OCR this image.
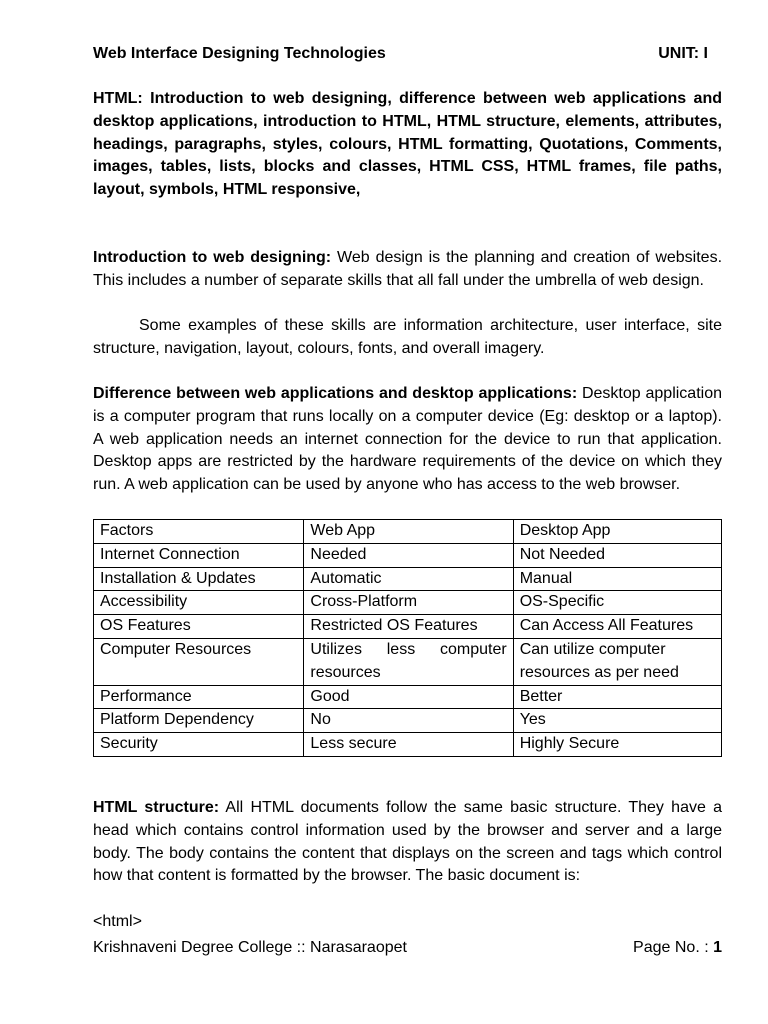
Web Interface Designing Technologies	UNIT: I
HTML: Introduction to web designing, difference between web applications and desktop applications, introduction to HTML, HTML structure, elements, attributes, headings, paragraphs, styles, colours, HTML formatting, Quotations, Comments, images, tables, lists, blocks and classes, HTML CSS, HTML frames, file paths, layout, symbols, HTML responsive,
Introduction to web designing: Web design is the planning and creation of websites. This includes a number of separate skills that all fall under the umbrella of web design.
Some examples of these skills are information architecture, user interface, site structure, navigation, layout, colours, fonts, and overall imagery.
Difference between web applications and desktop applications: Desktop application is a computer program that runs locally on a computer device (Eg: desktop or a laptop). A web application needs an internet connection for the device to run that application. Desktop apps are restricted by the hardware requirements of the device on which they run. A web application can be used by anyone who has access to the web browser.
Factors	Web App	Desktop App
Internet Connection	Needed	Not Needed
Installation & Updates	Automatic	Manual
Accessibility	Cross-Platform	OS-Specific
OS Features	Restricted OS Features	Can Access All Features
Computer Resources	Utilizes less computer resources	Can utilize computer resources as per need
Performance	Good	Better
Platform Dependency	No	Yes
Security	Less secure	Highly Secure
HTML structure: All HTML documents follow the same basic structure. They have a head which contains control information used by the browser and server and a large body. The body contains the content that displays on the screen and tags which control how that content is formatted by the browser. The basic document is:
<html>
Krishnaveni Degree College :: Narasaraopet	Page No. : 1
